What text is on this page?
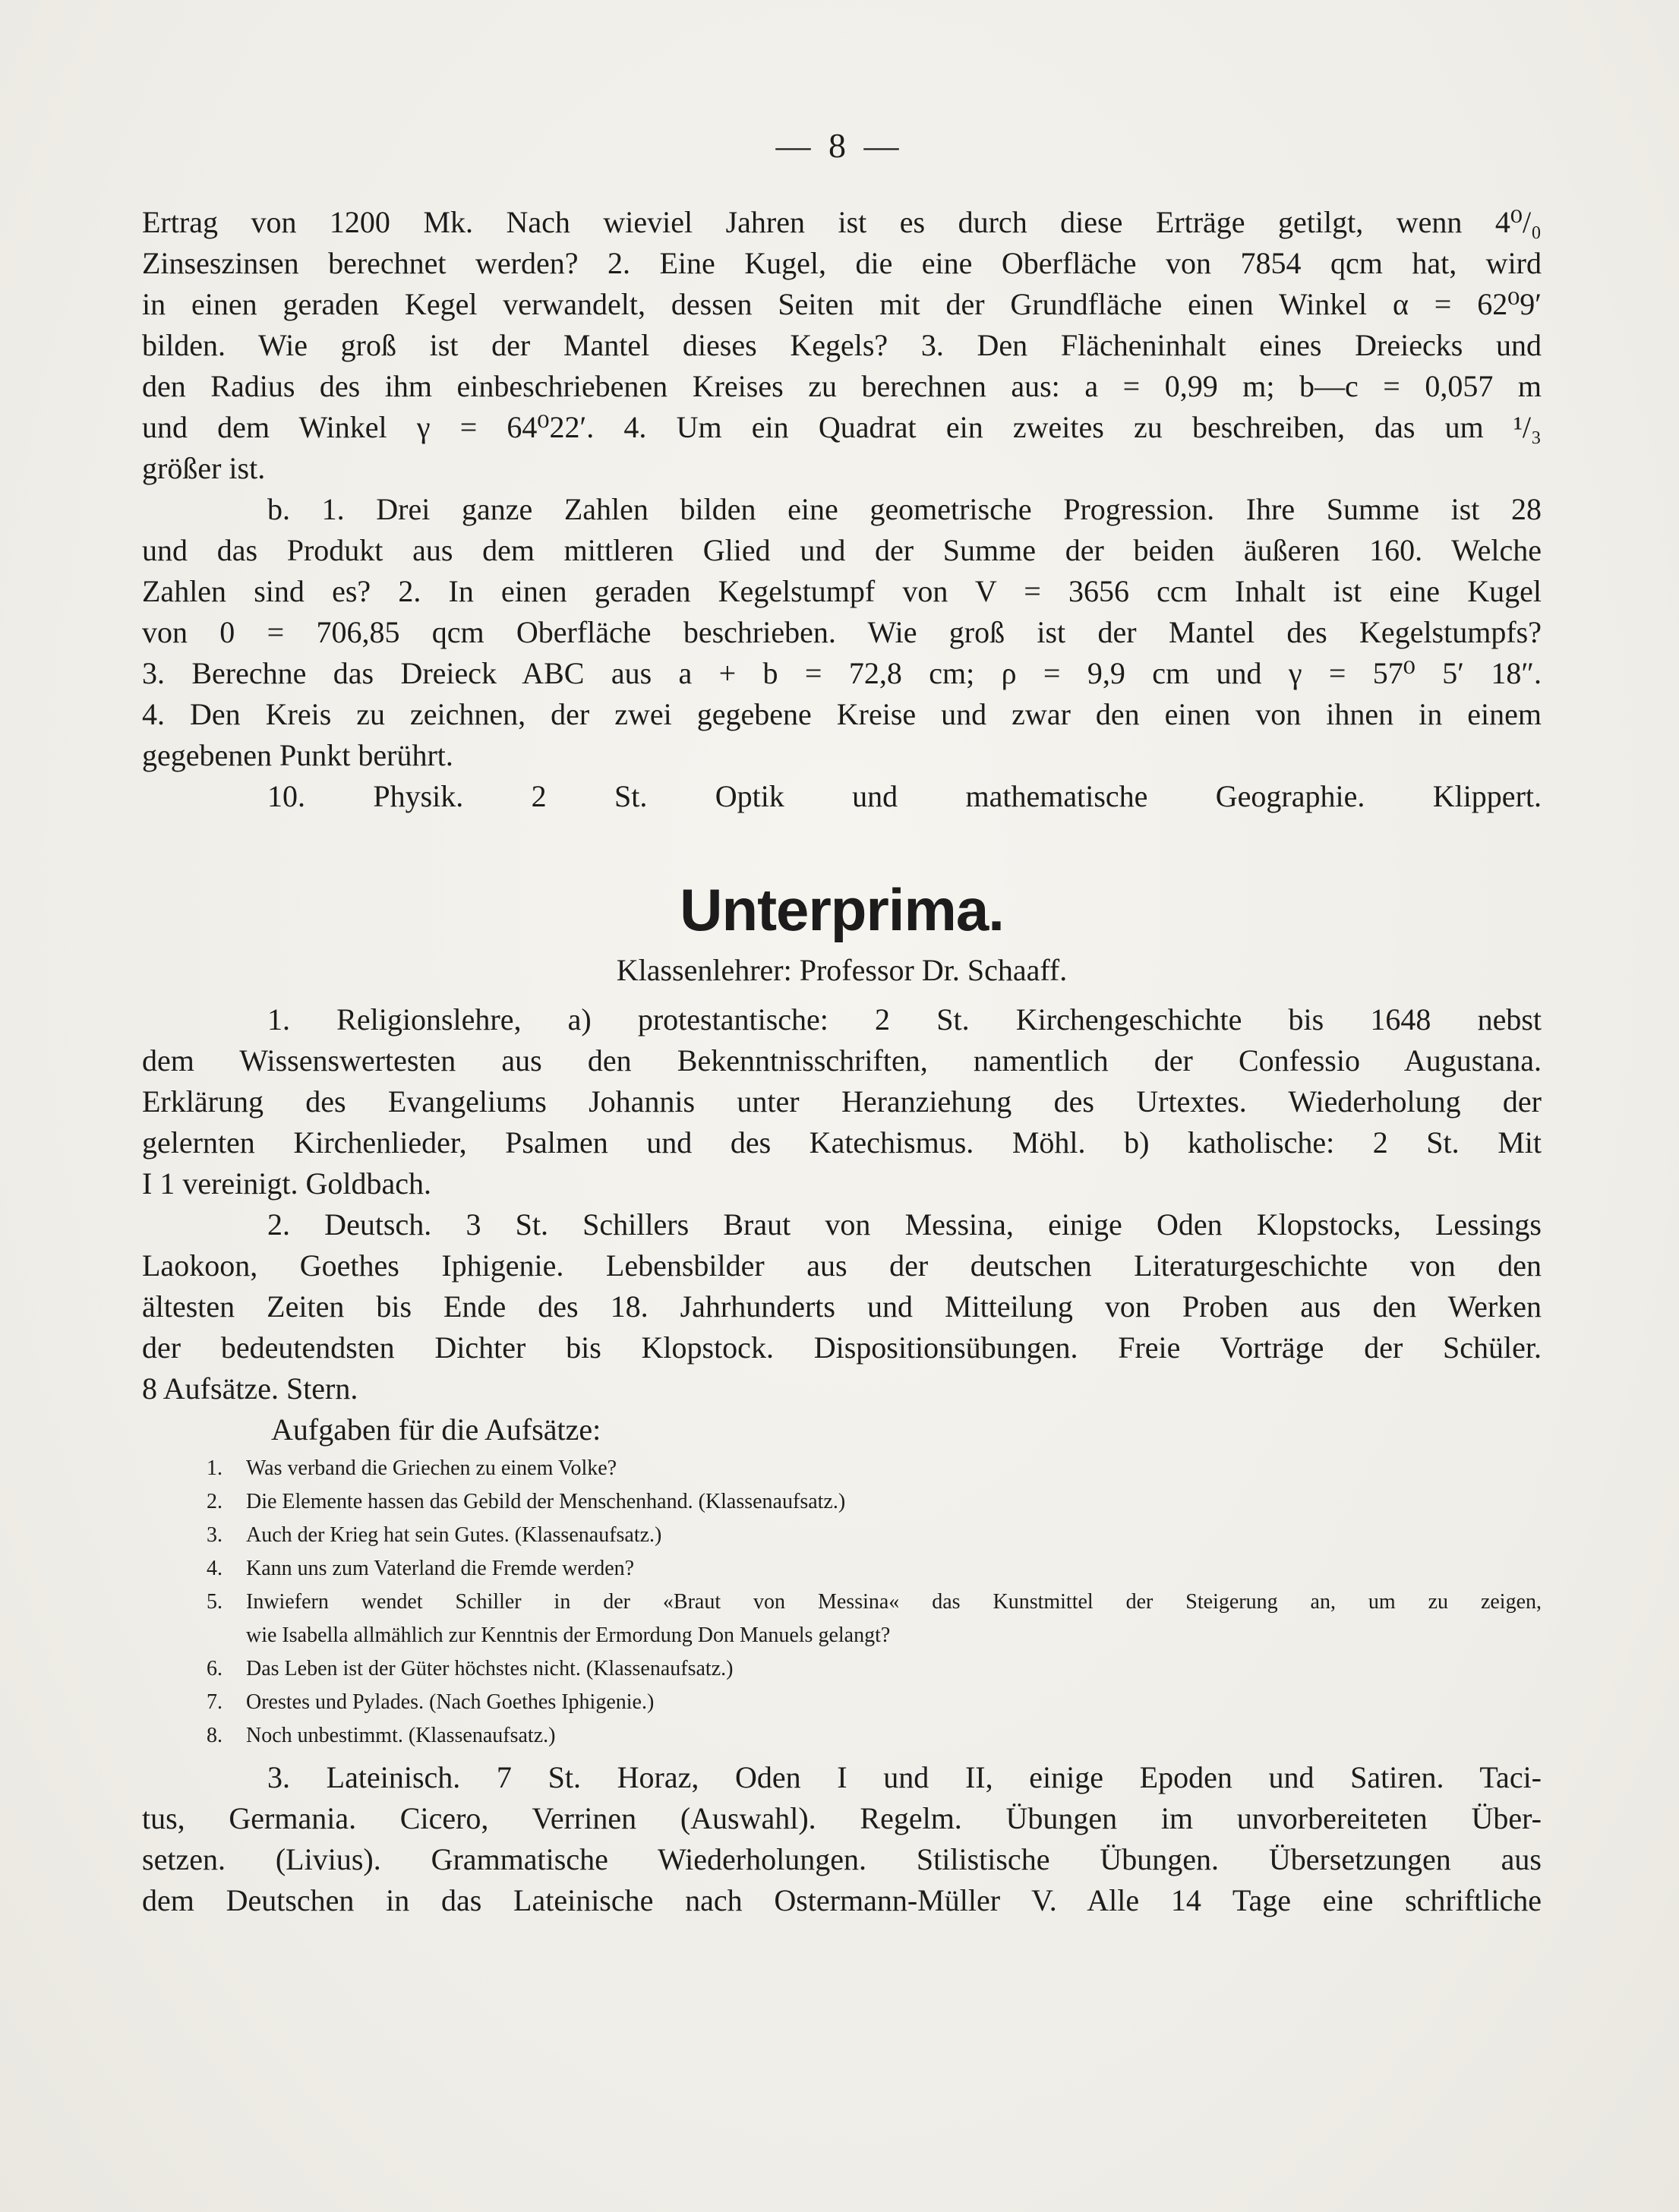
— 8 —
Ertrag von 1200 Mk. Nach wieviel Jahren ist es durch diese Erträge getilgt, wenn 4⁰/₀
Zinseszinsen berechnet werden? 2. Eine Kugel, die eine Oberfläche von 7854 qcm hat, wird
in einen geraden Kegel verwandelt, dessen Seiten mit der Grundfläche einen Winkel α = 62⁰9′
bilden. Wie groß ist der Mantel dieses Kegels? 3. Den Flächeninhalt eines Dreiecks und
den Radius des ihm einbeschriebenen Kreises zu berechnen aus: a = 0,99 m; b—c = 0,057 m
und dem Winkel γ = 64⁰22′. 4. Um ein Quadrat ein zweites zu beschreiben, das um ¹/₃
größer ist.
b. 1. Drei ganze Zahlen bilden eine geometrische Progression. Ihre Summe ist 28
und das Produkt aus dem mittleren Glied und der Summe der beiden äußeren 160. Welche
Zahlen sind es? 2. In einen geraden Kegelstumpf von V = 3656 ccm Inhalt ist eine Kugel
von 0 = 706,85 qcm Oberfläche beschrieben. Wie groß ist der Mantel des Kegelstumpfs?
3. Berechne das Dreieck ABC aus a + b = 72,8 cm; ρ = 9,9 cm und γ = 57⁰ 5′ 18″.
4. Den Kreis zu zeichnen, der zwei gegebene Kreise und zwar den einen von ihnen in einem
gegebenen Punkt berührt.
10. Physik. 2 St. Optik und mathematische Geographie. Klippert.
Unterprima.
Klassenlehrer: Professor Dr. Schaaff.
1. Religionslehre, a) protestantische: 2 St. Kirchengeschichte bis 1648 nebst
dem Wissenswertesten aus den Bekenntnisschriften, namentlich der Confessio Augustana.
Erklärung des Evangeliums Johannis unter Heranziehung des Urtextes. Wiederholung der
gelernten Kirchenlieder, Psalmen und des Katechismus. Möhl. b) katholische: 2 St. Mit
I 1 vereinigt. Goldbach.
2. Deutsch. 3 St. Schillers Braut von Messina, einige Oden Klopstocks, Lessings
Laokoon, Goethes Iphigenie. Lebensbilder aus der deutschen Literaturgeschichte von den
ältesten Zeiten bis Ende des 18. Jahrhunderts und Mitteilung von Proben aus den Werken
der bedeutendsten Dichter bis Klopstock. Dispositionsübungen. Freie Vorträge der Schüler.
8 Aufsätze. Stern.
Aufgaben für die Aufsätze:
1. Was verband die Griechen zu einem Volke?
2. Die Elemente hassen das Gebild der Menschenhand. (Klassenaufsatz.)
3. Auch der Krieg hat sein Gutes. (Klassenaufsatz.)
4. Kann uns zum Vaterland die Fremde werden?
5. Inwiefern wendet Schiller in der «Braut von Messina« das Kunstmittel der Steigerung an, um zu zeigen,
wie Isabella allmählich zur Kenntnis der Ermordung Don Manuels gelangt?
6. Das Leben ist der Güter höchstes nicht. (Klassenaufsatz.)
7. Orestes und Pylades. (Nach Goethes Iphigenie.)
8. Noch unbestimmt. (Klassenaufsatz.)
3. Lateinisch. 7 St. Horaz, Oden I und II, einige Epoden und Satiren. Taci-
tus, Germania. Cicero, Verrinen (Auswahl). Regelm. Übungen im unvorbereiteten Über-
setzen. (Livius). Grammatische Wiederholungen. Stilistische Übungen. Übersetzungen aus
dem Deutschen in das Lateinische nach Ostermann-Müller V. Alle 14 Tage eine schriftliche
